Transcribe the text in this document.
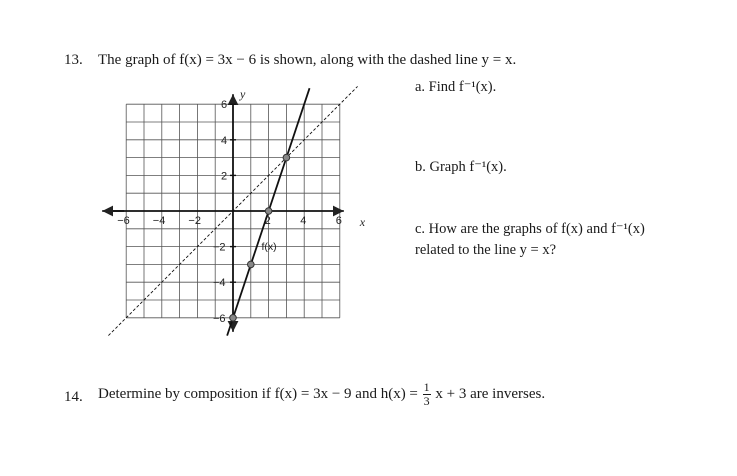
13. The graph of f(x) = 3x − 6 is shown, along with the dashed line y = x.
x
y
−6 −4 −2	2	4	6
6
4
2
−2
−4
−6
f(x)
a. Find f⁻¹(x).
b. Graph f⁻¹(x).
c. How are the graphs of f(x) and f⁻¹(x)
related to the line y = x?
14. Determine by composition if f(x) = 3x − 9 and $h(x) = \frac{1}{3}$ x + 3 are inverses.
